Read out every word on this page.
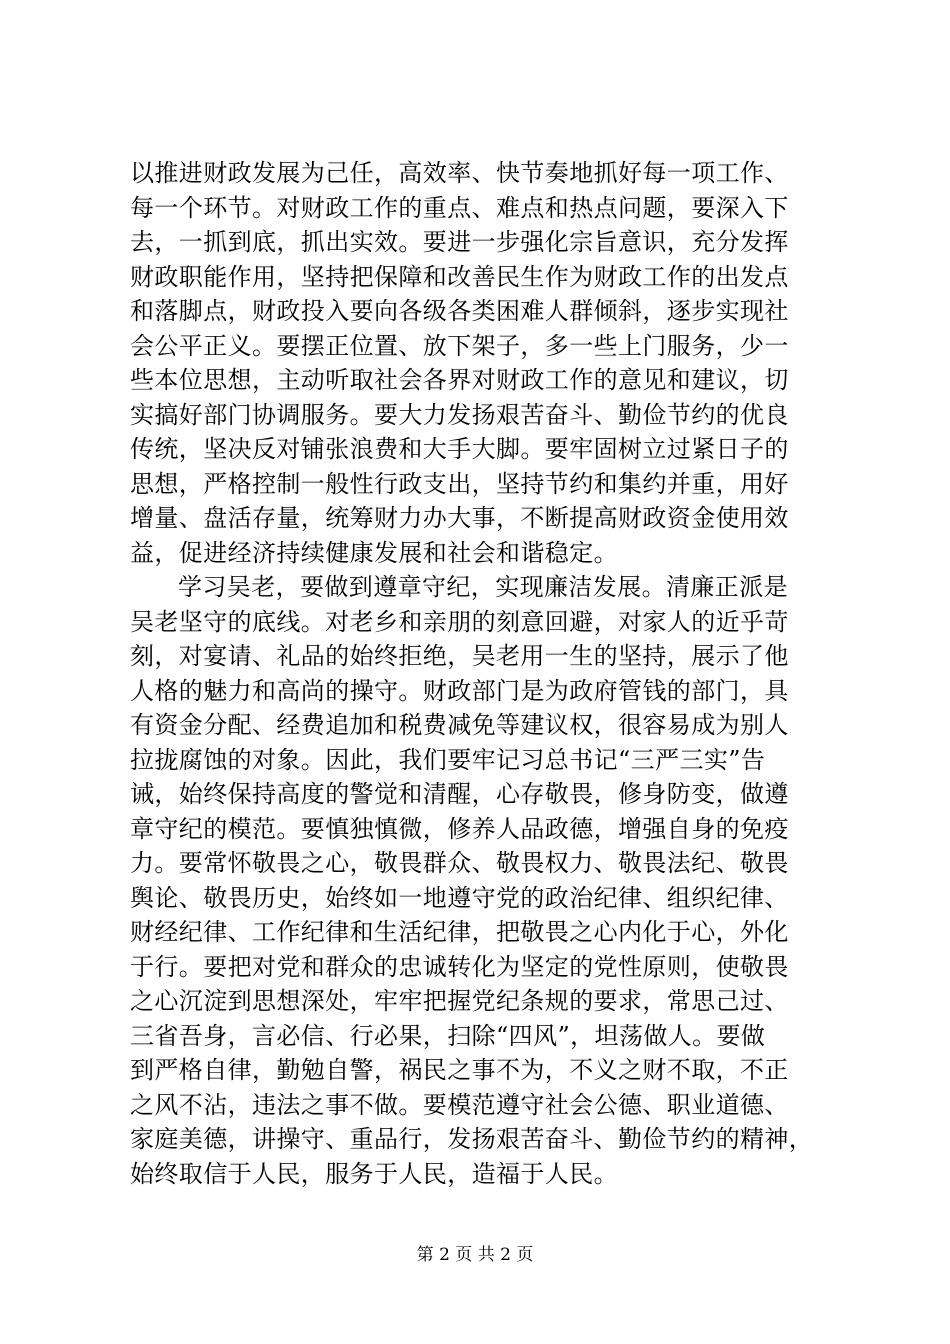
以推进财政发展为己任，高效率、快节奏地抓好每一项工作、
每一个环节。对财政工作的重点、难点和热点问题，要深入下
去，一抓到底，抓出实效。要进一步强化宗旨意识，充分发挥
财政职能作用，坚持把保障和改善民生作为财政工作的出发点
和落脚点，财政投入要向各级各类困难人群倾斜，逐步实现社
会公平正义。要摆正位置、放下架子，多一些上门服务，少一
些本位思想，主动听取社会各界对财政工作的意见和建议，切
实搞好部门协调服务。要大力发扬艰苦奋斗、勤俭节约的优良
传统，坚决反对铺张浪费和大手大脚。要牢固树立过紧日子的
思想，严格控制一般性行政支出，坚持节约和集约并重，用好
增量、盘活存量，统筹财力办大事，不断提高财政资金使用效
益，促进经济持续健康发展和社会和谐稳定。
学习吴老，要做到遵章守纪，实现廉洁发展。清廉正派是
吴老坚守的底线。对老乡和亲朋的刻意回避，对家人的近乎苛
刻，对宴请、礼品的始终拒绝，吴老用一生的坚持，展示了他
人格的魅力和高尚的操守。财政部门是为政府管钱的部门，具
有资金分配、经费追加和税费减免等建议权，很容易成为别人
拉拢腐蚀的对象。因此，我们要牢记习总书记“三严三实”告
诫，始终保持高度的警觉和清醒，心存敬畏，修身防变，做遵
章守纪的模范。要慎独慎微，修养人品政德，增强自身的免疫
力。要常怀敬畏之心，敬畏群众、敬畏权力、敬畏法纪、敬畏
舆论、敬畏历史，始终如一地遵守党的政治纪律、组织纪律、
财经纪律、工作纪律和生活纪律，把敬畏之心内化于心，外化
于行。要把对党和群众的忠诚转化为坚定的党性原则，使敬畏
之心沉淀到思想深处，牢牢把握党纪条规的要求，常思己过、
三省吾身，言必信、行必果，扫除“四风”，坦荡做人。要做
到严格自律，勤勉自警，祸民之事不为，不义之财不取，不正
之风不沾，违法之事不做。要模范遵守社会公德、职业道德、
家庭美德，讲操守、重品行，发扬艰苦奋斗、勤俭节约的精神，
始终取信于人民，服务于人民，造福于人民。
第 2 页 共 2 页
